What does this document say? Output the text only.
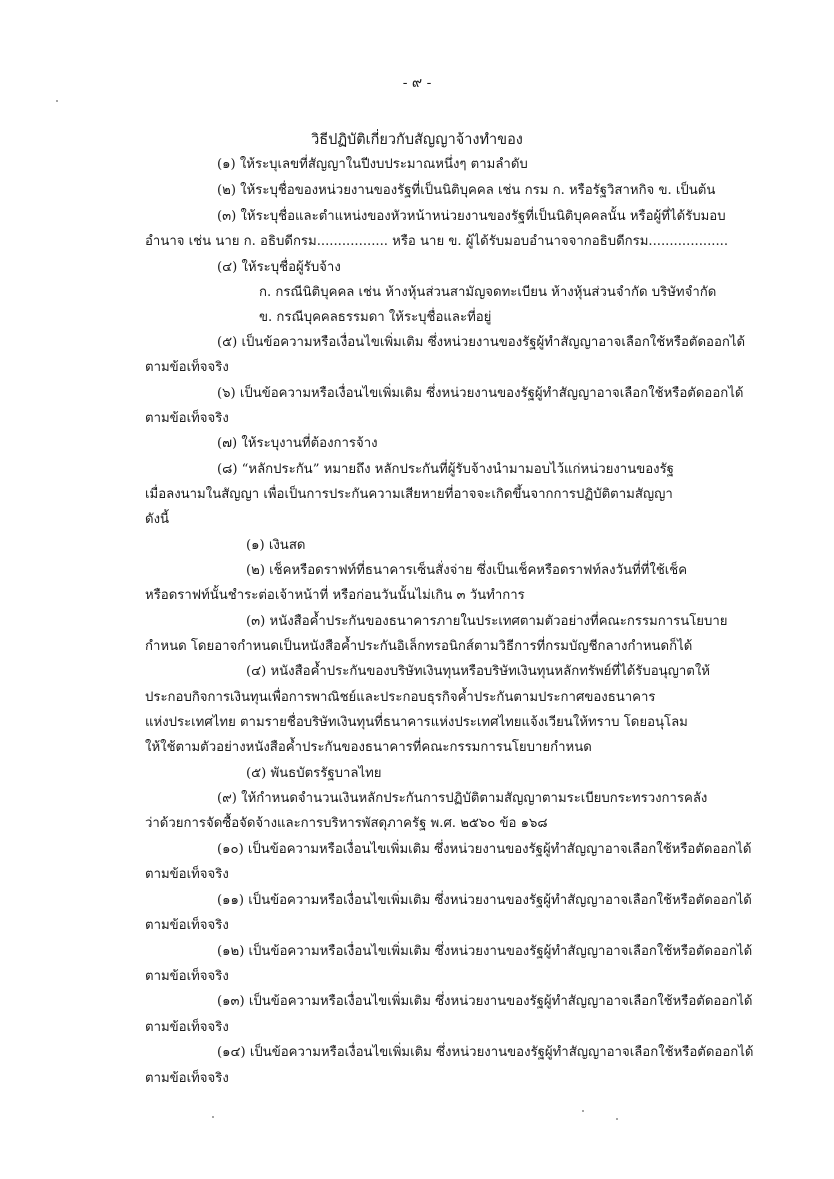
- ๙ -
วิธีปฏิบัติเกี่ยวกับสัญญาจ้างทำของ
(๑) ให้ระบุเลขที่สัญญาในปีงบประมาณหนึ่งๆ ตามลำดับ
(๒) ให้ระบุชื่อของหน่วยงานของรัฐที่เป็นนิติบุคคล เช่น กรม ก. หรือรัฐวิสาหกิจ ข. เป็นต้น
(๓) ให้ระบุชื่อและตำแหน่งของหัวหน้าหน่วยงานของรัฐที่เป็นนิติบุคคลนั้น หรือผู้ที่ได้รับมอบ
อำนาจ เช่น นาย ก. อธิบดีกรม................. หรือ นาย ข. ผู้ได้รับมอบอำนาจจากอธิบดีกรม...................
(๔) ให้ระบุชื่อผู้รับจ้าง
ก. กรณีนิติบุคคล เช่น ห้างหุ้นส่วนสามัญจดทะเบียน ห้างหุ้นส่วนจำกัด บริษัทจำกัด
ข. กรณีบุคคลธรรมดา ให้ระบุชื่อและที่อยู่
(๕) เป็นข้อความหรือเงื่อนไขเพิ่มเติม ซึ่งหน่วยงานของรัฐผู้ทำสัญญาอาจเลือกใช้หรือตัดออกได้
ตามข้อเท็จจริง
(๖) เป็นข้อความหรือเงื่อนไขเพิ่มเติม ซึ่งหน่วยงานของรัฐผู้ทำสัญญาอาจเลือกใช้หรือตัดออกได้
ตามข้อเท็จจริง
(๗) ให้ระบุงานที่ต้องการจ้าง
(๘) “หลักประกัน” หมายถึง หลักประกันที่ผู้รับจ้างนำมามอบไว้แก่หน่วยงานของรัฐ
เมื่อลงนามในสัญญา เพื่อเป็นการประกันความเสียหายที่อาจจะเกิดขึ้นจากการปฏิบัติตามสัญญา
ดังนี้
(๑) เงินสด
(๒) เช็คหรือดราฟท์ที่ธนาคารเซ็นสั่งจ่าย ซึ่งเป็นเช็คหรือดราฟท์ลงวันที่ที่ใช้เช็ค
หรือดราฟท์นั้นชำระต่อเจ้าหน้าที่ หรือก่อนวันนั้นไม่เกิน ๓ วันทำการ
(๓) หนังสือค้ำประกันของธนาคารภายในประเทศตามตัวอย่างที่คณะกรรมการนโยบาย
กำหนด โดยอาจกำหนดเป็นหนังสือค้ำประกันอิเล็กทรอนิกส์ตามวิธีการที่กรมบัญชีกลางกำหนดก็ได้
(๔) หนังสือค้ำประกันของบริษัทเงินทุนหรือบริษัทเงินทุนหลักทรัพย์ที่ได้รับอนุญาตให้
ประกอบกิจการเงินทุนเพื่อการพาณิชย์และประกอบธุรกิจค้ำประกันตามประกาศของธนาคาร
แห่งประเทศไทย ตามรายชื่อบริษัทเงินทุนที่ธนาคารแห่งประเทศไทยแจ้งเวียนให้ทราบ โดยอนุโลม
ให้ใช้ตามตัวอย่างหนังสือค้ำประกันของธนาคารที่คณะกรรมการนโยบายกำหนด
(๕) พันธบัตรรัฐบาลไทย
(๙) ให้กำหนดจำนวนเงินหลักประกันการปฏิบัติตามสัญญาตามระเบียบกระทรวงการคลัง
ว่าด้วยการจัดซื้อจัดจ้างและการบริหารพัสดุภาครัฐ พ.ศ. ๒๕๖๐ ข้อ ๑๖๘
(๑๐) เป็นข้อความหรือเงื่อนไขเพิ่มเติม ซึ่งหน่วยงานของรัฐผู้ทำสัญญาอาจเลือกใช้หรือตัดออกได้
ตามข้อเท็จจริง
(๑๑) เป็นข้อความหรือเงื่อนไขเพิ่มเติม ซึ่งหน่วยงานของรัฐผู้ทำสัญญาอาจเลือกใช้หรือตัดออกได้
ตามข้อเท็จจริง
(๑๒) เป็นข้อความหรือเงื่อนไขเพิ่มเติม ซึ่งหน่วยงานของรัฐผู้ทำสัญญาอาจเลือกใช้หรือตัดออกได้
ตามข้อเท็จจริง
(๑๓) เป็นข้อความหรือเงื่อนไขเพิ่มเติม ซึ่งหน่วยงานของรัฐผู้ทำสัญญาอาจเลือกใช้หรือตัดออกได้
ตามข้อเท็จจริง
(๑๔) เป็นข้อความหรือเงื่อนไขเพิ่มเติม ซึ่งหน่วยงานของรัฐผู้ทำสัญญาอาจเลือกใช้หรือตัดออกได้
ตามข้อเท็จจริง
